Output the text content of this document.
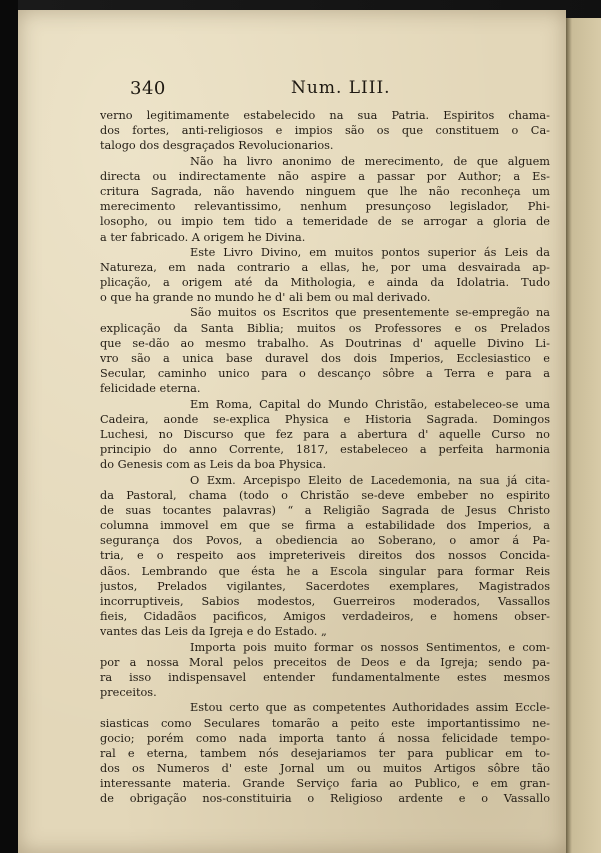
340	Num. LIII.
verno legitimamente estabelecido na sua Patria. Espiritos chama-
dos fortes, anti-religiosos e impios são os que constituem o Ca-
talogo dos desgraçados Revolucionarios.
Não ha livro anonimo de merecimento, de que alguem
directa ou indirectamente não aspire a passar por Author; a Es-
critura Sagrada, não havendo ninguem que lhe não reconheça um
merecimento relevantissimo, nenhum presunçoso legislador, Phi-
losopho, ou impio tem tido a temeridade de se arrogar a gloria de
a ter fabricado. A origem he Divina.
Este Livro Divino, em muitos pontos superior ás Leis da
Natureza, em nada contrario a ellas, he, por uma desvairada ap-
plicação, a origem até da Mithologia, e ainda da Idolatria. Tudo
o que ha grande no mundo he d' ali bem ou mal derivado.
São muitos os Escritos que presentemente se-empregão na
explicação da Santa Biblia; muitos os Professores e os Prelados
que se-dão ao mesmo trabalho. As Doutrinas d' aquelle Divino Li-
vro são a unica base duravel dos dois Imperios, Ecclesiastico e
Secular, caminho unico para o descanço sôbre a Terra e para a
felicidade eterna.
Em Roma, Capital do Mundo Christão, estabeleceo-se uma
Cadeira, aonde se-explica Physica e Historia Sagrada. Domingos
Luchesi, no Discurso que fez para a abertura d' aquelle Curso no
principio do anno Corrente, 1817, estabeleceo a perfeita harmonia
do Genesis com as Leis da boa Physica.
O Exm. Arcepispo Eleito de Lacedemonia, na sua já cita-
da Pastoral, chama (todo o Christão se-deve embeber no espirito
de suas tocantes palavras) “ a Religião Sagrada de Jesus Christo
columna immovel em que se firma a estabilidade dos Imperios, a
segurança dos Povos, a obediencia ao Soberano, o amor á Pa-
tria, e o respeito aos impreteriveis direitos dos nossos Concida-
dãos. Lembrando que ésta he a Escola singular para formar Reis
justos, Prelados vigilantes, Sacerdotes exemplares, Magistrados
incorruptiveis, Sabios modestos, Guerreiros moderados, Vassallos
fieis, Cidadãos pacificos, Amigos verdadeiros, e homens obser-
vantes das Leis da Igreja e do Estado. „
Importa pois muito formar os nossos Sentimentos, e com-
por a nossa Moral pelos preceitos de Deos e da Igreja; sendo pa-
ra isso indispensavel entender fundamentalmente estes mesmos
preceitos.
Estou certo que as competentes Authoridades assim Eccle-
siasticas como Seculares tomarão a peito este importantissimo ne-
gocio; porém como nada importa tanto á nossa felicidade tempo-
ral e eterna, tambem nós desejariamos ter para publicar em to-
dos os Numeros d' este Jornal um ou muitos Artigos sôbre tão
interessante materia. Grande Serviço faria ao Publico, e em gran-
de obrigação nos-constituiria o Religioso ardente e o Vassallo
